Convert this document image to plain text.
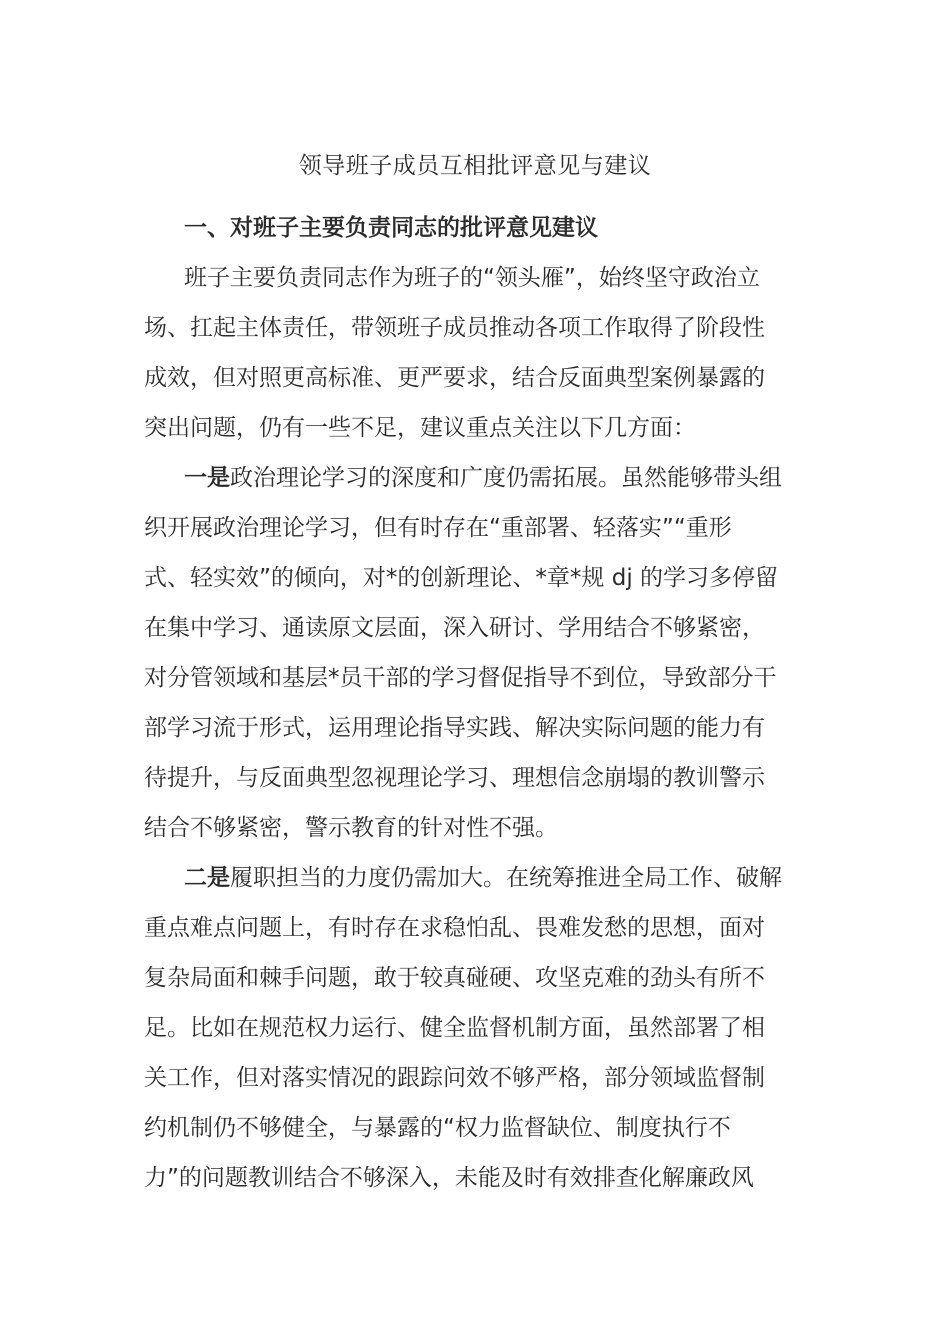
领导班子成员互相批评意见与建议
一、对班子主要负责同志的批评意见建议
班子主要负责同志作为班子的“领头雁”，始终坚守政治立
场、扛起主体责任，带领班子成员推动各项工作取得了阶段性
成效，但对照更高标准、更严要求，结合反面典型案例暴露的
突出问题，仍有一些不足，建议重点关注以下几方面：
一是政治理论学习的深度和广度仍需拓展。虽然能够带头组
织开展政治理论学习，但有时存在“重部署、轻落实”“重形
式、轻实效”的倾向，对*的创新理论、*章*规 dj 的学习多停留
在集中学习、通读原文层面，深入研讨、学用结合不够紧密，
对分管领域和基层*员干部的学习督促指导不到位，导致部分干
部学习流于形式，运用理论指导实践、解决实际问题的能力有
待提升，与反面典型忽视理论学习、理想信念崩塌的教训警示
结合不够紧密，警示教育的针对性不强。
二是履职担当的力度仍需加大。在统筹推进全局工作、破解
重点难点问题上，有时存在求稳怕乱、畏难发愁的思想，面对
复杂局面和棘手问题，敢于较真碰硬、攻坚克难的劲头有所不
足。比如在规范权力运行、健全监督机制方面，虽然部署了相
关工作，但对落实情况的跟踪问效不够严格，部分领域监督制
约机制仍不够健全，与暴露的“权力监督缺位、制度执行不
力”的问题教训结合不够深入，未能及时有效排查化解廉政风
